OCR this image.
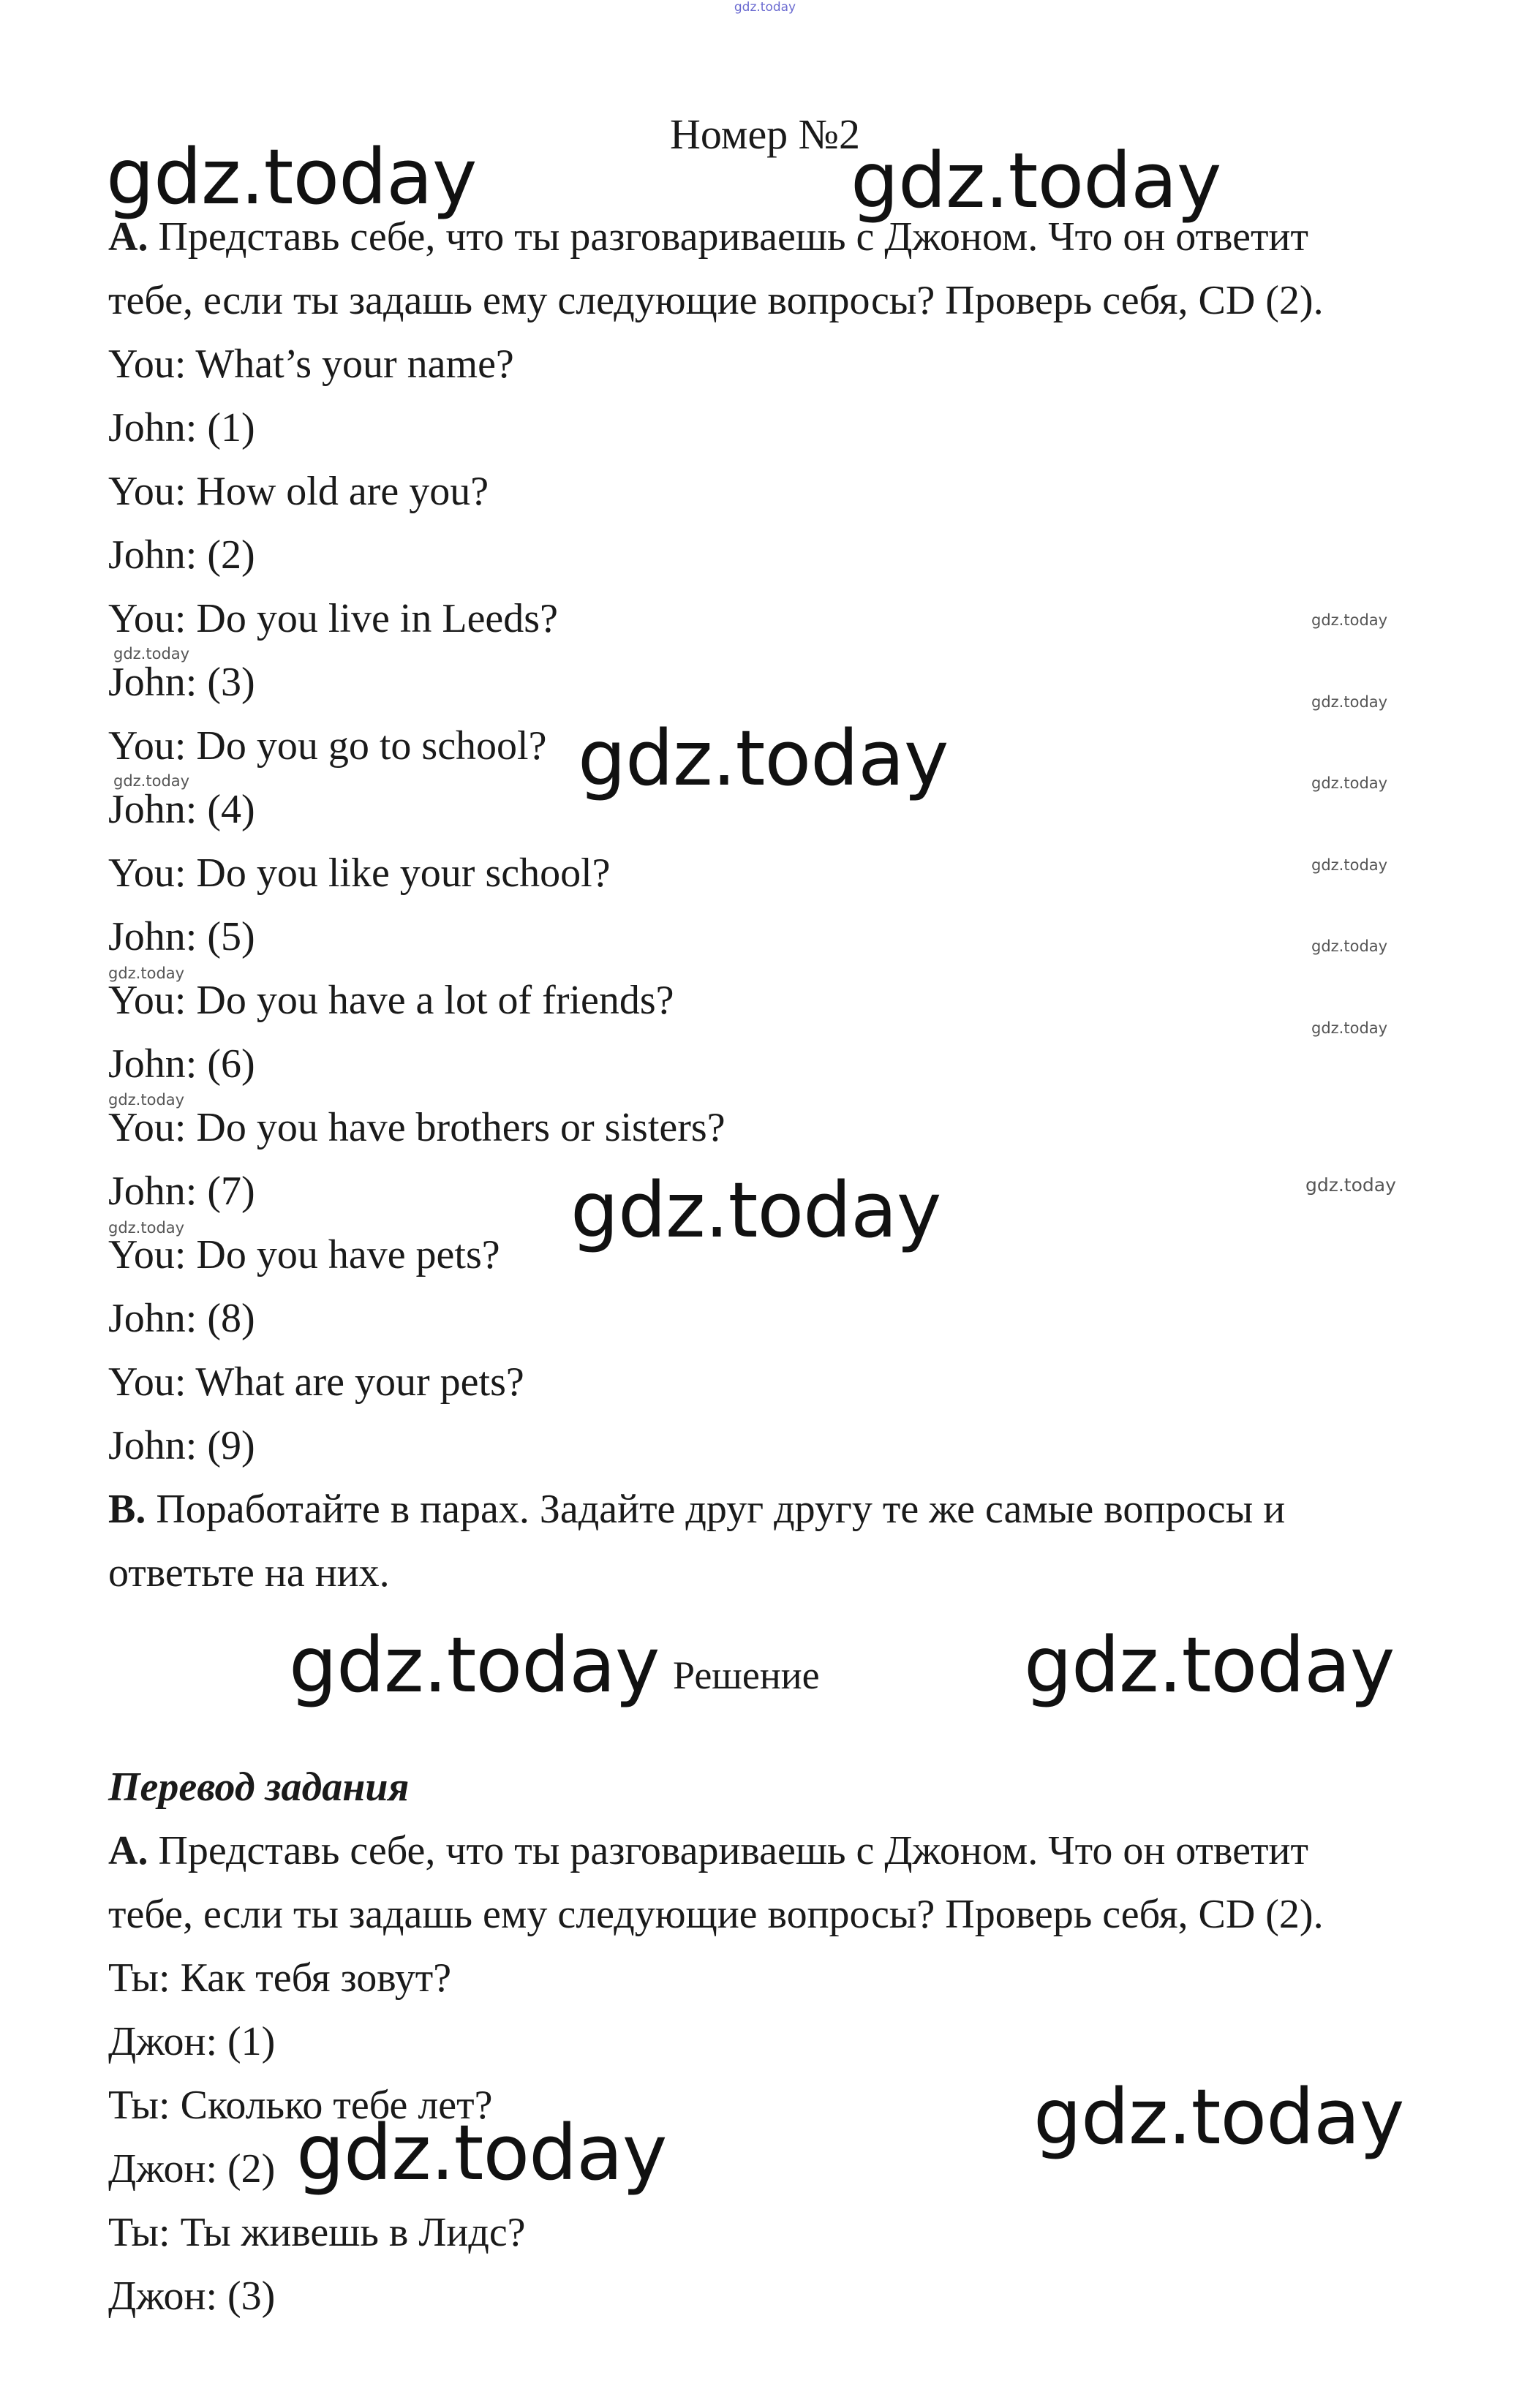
gdz.today
Номер №2
A. Представь себе, что ты разговариваешь с Джоном. Что он ответит
тебе, если ты задашь ему следующие вопросы? Проверь себя, CD (2).
You: What’s your name?
John: (1)
You: How old are you?
John: (2)
You: Do you live in Leeds?
John: (3)
You: Do you go to school?
John: (4)
You: Do you like your school?
John: (5)
You: Do you have a lot of friends?
John: (6)
You: Do you have brothers or sisters?
John: (7)
You: Do you have pets?
John: (8)
You: What are your pets?
John: (9)
B. Поработайте в парах. Задайте друг другу те же самые вопросы и
ответьте на них.
Решение
Перевод задания
A. Представь себе, что ты разговариваешь с Джоном. Что он ответит
тебе, если ты задашь ему следующие вопросы? Проверь себя, CD (2).
Ты: Как тебя зовут?
Джон: (1)
Ты: Сколько тебе лет?
Джон: (2)
Ты: Ты живешь в Лидс?
Джон: (3)
gdz.today	gdz.today
gdz.today
gdz.today
gdz.today	gdz.today
gdz.today
gdz.today
gdz.today
gdz.today
gdz.today
gdz.today
gdz.today
gdz.today
gdz.today
gdz.today
gdz.today
gdz.today
gdz.today
gdz.today
